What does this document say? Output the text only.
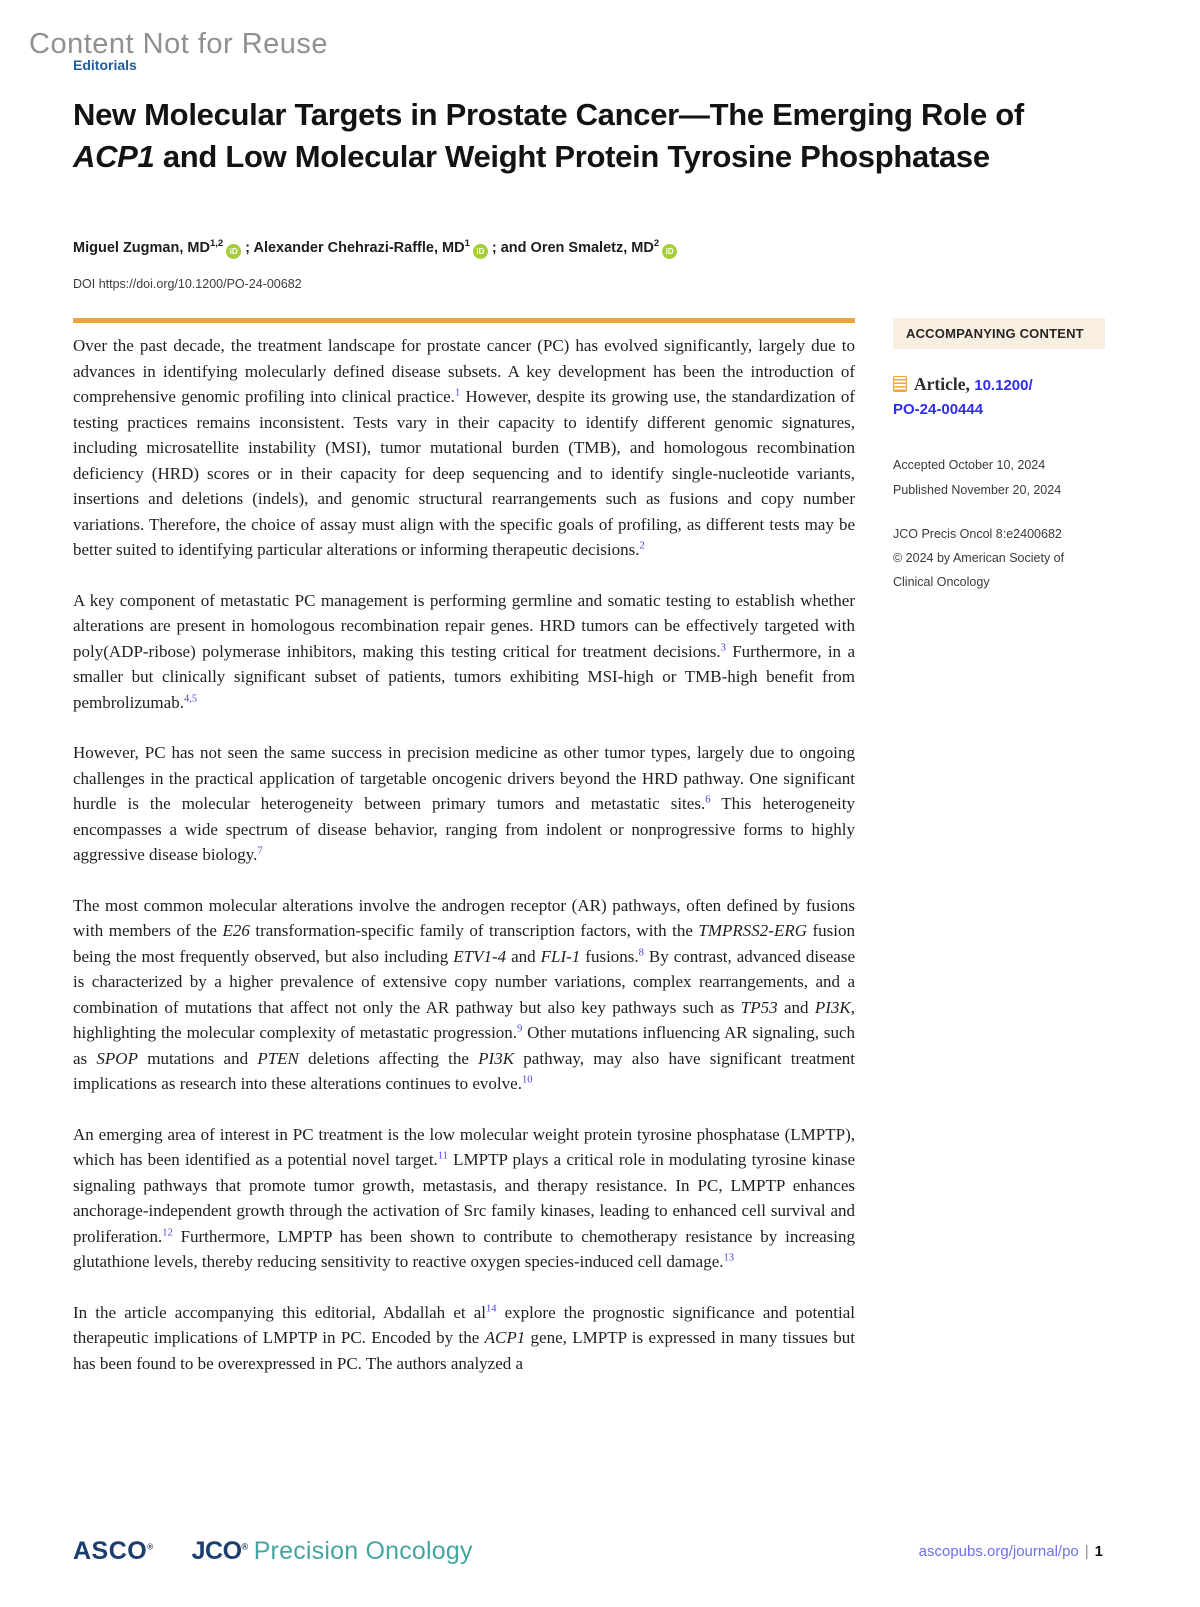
Content Not for Reuse
Editorials
New Molecular Targets in Prostate Cancer—The Emerging Role of ACP1 and Low Molecular Weight Protein Tyrosine Phosphatase
Miguel Zugman, MD$^{1,2}$iD ; Alexander Chehrazi-Raffle, $MD^1iD$ ; and Oren Smaletz, $MD^2iD$
DOI https://doi.org/10.1200/PO-24-00682

Over the past decade, the treatment landscape for prostate cancer (PC) has evolved significantly, largely due to advances in identifying molecularly defined disease subsets. A key development has been the introduction of comprehensive genomic profiling into clinical practice.$^1$ However, despite its growing use, the standardization of testing practices remains inconsistent. Tests vary in their capacity to identify different genomic signatures, including microsatellite instability (MSI), tumor mutational burden (TMB), and homologous recombination deficiency (HRD) scores or in their capacity for deep sequencing and to identify single-nucleotide variants, insertions and deletions (indels), and genomic structural rearrangements such as fusions and copy number variations. Therefore, the choice of assay must align with the specific goals of profiling, as different tests may be better suited to identifying particular alterations or informing therapeutic decisions.$^2$

A key component of metastatic PC management is performing germline and somatic testing to establish whether alterations are present in homologous recombination repair genes. HRD tumors can be effectively targeted with poly(ADP-ribose) polymerase inhibitors, making this testing critical for treatment decisions.$^3$ Furthermore, in a smaller but clinically significant subset of patients, tumors exhibiting MSI-high or TMB-high benefit from pembrolizumab.$^{4,5}$

However, PC has not seen the same success in precision medicine as other tumor types, largely due to ongoing challenges in the practical application of targetable oncogenic drivers beyond the HRD pathway. One significant hurdle is the molecular heterogeneity between primary tumors and metastatic sites.$^6$ This heterogeneity encompasses a wide spectrum of disease behavior, ranging from indolent or nonprogressive forms to highly aggressive disease biology.$^7$

The most common molecular alterations involve the androgen receptor (AR) pathways, often defined by fusions with members of the E26 transformation-specific family of transcription factors, with the TMPRSS2-ERG fusion being the most frequently observed, but also including ETV1-4 and FLI-1 fusions.$^8$ By contrast, advanced disease is characterized by a higher prevalence of extensive copy number variations, complex rearrangements, and a combination of mutations that affect not only the AR pathway but also key pathways such as TP53 and PI3K, highlighting the molecular complexity of metastatic progression.$^9$ Other mutations influencing AR signaling, such as SPOP mutations and PTEN deletions affecting the PI3K pathway, may also have significant treatment implications as research into these alterations continues to evolve.$^{10}$

An emerging area of interest in PC treatment is the low molecular weight protein tyrosine phosphatase (LMPTP), which has been identified as a potential novel target.$^{11}$ LMPTP plays a critical role in modulating tyrosine kinase signaling pathways that promote tumor growth, metastasis, and therapy resistance. In PC, LMPTP enhances anchorage-independent growth through the activation of Src family kinases, leading to enhanced cell survival and proliferation.$^{12}$ Furthermore, LMPTP has been shown to contribute to chemotherapy resistance by increasing glutathione levels, thereby reducing sensitivity to reactive oxygen species-induced cell damage.$^{13}$

In the article accompanying this editorial, Abdallah et al$^{14}$ explore the prognostic significance and potential therapeutic implications of LMPTP in PC. Encoded by the ACP1 gene, LMPTP is expressed in many tissues but has been found to be overexpressed in PC. The authors analyzed a

ACCOMPANYING CONTENT
Article, 10.1200/PO-24-00444
Accepted October 10, 2024
Published November 20, 2024
JCO Precis Oncol 8:e2400682
© 2024 by American Society of Clinical Oncology
ASCO® JCO® Precision Oncology	ascopubs.org/journal/po | 1
